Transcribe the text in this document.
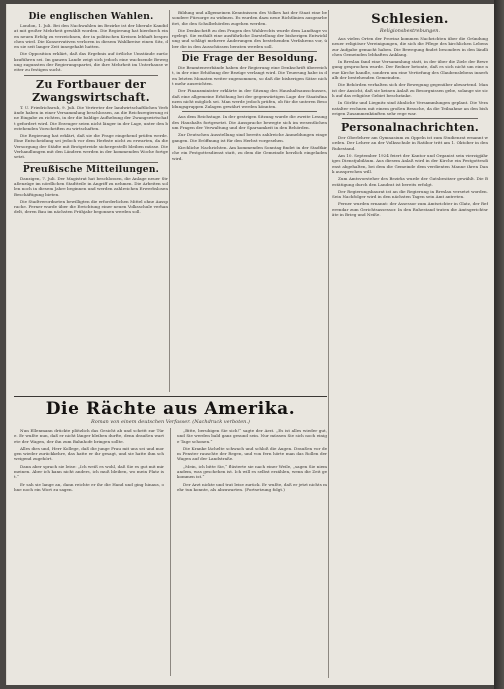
Die englischen Wahlen.

London, 1. Juli. Bei den Nachwahlen im Bezirke ist der liberale Kandidat mit großer Mehrheit gewählt worden. Die Regierung hat hierdurch einen neuen Erfolg zu verzeichnen, der in politischen Kreisen lebhaft besprochen wird. Die Konservativen verloren in diesem Wahlkreise einen Sitz, den sie seit langer Zeit innegehabt hatten.

Die Opposition erklärt, daß das Ergebnis auf örtliche Umstände zurückzuführen sei. Im ganzen Lande zeigt sich jedoch eine wachsende Bewegung zugunsten der Regierungspartei, die ihre Mehrheit im Unterhause weiter zu festigen sucht.

Zu Fortbauer der Zwangswirtschaft.

T. U. Friedrichsruh, 9. Juli. Die Vertreter der landwirtschaftlichen Verbände haben in einer Versammlung beschlossen, an die Reichsregierung eine Eingabe zu richten, in der die baldige Aufhebung der Zwangswirtschaft gefordert wird. Die Erzeuger seien nicht länger in der Lage, unter den bestehenden Vorschriften zu wirtschaften.

Die Regierung hat erklärt, daß sie die Frage eingehend prüfen werde. Eine Entscheidung sei jedoch vor dem Herbste nicht zu erwarten, da die Versorgung der Städte mit Brotgetreide sichergestellt bleiben müsse. Die Verhandlungen mit den Ländern werden in der kommenden Woche fortgesetzt.

Preußische Mitteilungen.

Danzigen, 7. Juli. Der Magistrat hat beschlossen, die Anlage neuer Straßenzüge im nördlichen Stadtteile in Angriff zu nehmen. Die Arbeiten sollen noch in diesem Jahre beginnen und werden zahlreichen Erwerbslosen Beschäftigung bieten.

Die Stadtverordneten bewilligten die erforderlichen Mittel ohne Aussprache. Ferner wurde über die Errichtung einer neuen Volksschule verhandelt, deren Bau im nächsten Frühjahr begonnen werden soll.

Bildung und allgemeinen Kenntnissen des Volkes hat der Staat eine besondere Fürsorge zu widmen. Es wurden dazu neue Richtlinien ausgearbeitet, die den Schulbehörden zugehen werden.

Die Denkschrift zu den Fragen des Wahlrechts wurde dem Landtage vorgelegt. Sie enthält eine ausführliche Darstellung der bisherigen Entwicklung und schlägt mehrere Änderungen des bestehenden Verfahrens vor, über die in den Ausschüssen beraten werden soll.

Die Frage der Besoldung.

Die Beamtenverbände haben der Regierung eine Denkschrift überreicht, in der eine Erhöhung der Bezüge verlangt wird. Die Teuerung habe in den letzten Monaten weiter zugenommen, so daß die bisherigen Sätze nicht mehr ausreichten.

Der Finanzminister erklärte in der Sitzung des Haushaltsausschusses, daß eine allgemeine Erhöhung bei der gegenwärtigen Lage der Staatsfinanzen nicht möglich sei. Man werde jedoch prüfen, ob für die unteren Besoldungsgruppen Zulagen gewährt werden könnten.

Aus dem Reichstage. In der gestrigen Sitzung wurde die zweite Lesung des Haushalts fortgesetzt. Die Aussprache bewegte sich im wesentlichen um Fragen der Verwaltung und der Sparsamkeit in den Behörden.

Zur Deutschen Ausstellung sind bereits zahlreiche Anmeldungen eingegangen. Die Eröffnung ist für den Herbst vorgesehen.

Kirchliche Nachrichten. Am kommenden Sonntag findet in der Stadtkirche ein Festgottesdienst statt, zu dem die Gemeinde herzlich eingeladen wird.

Schlesien.
Religionsbestrebungen.

Aus vielen Orten der Provinz kommen Nachrichten über die Gründung neuer religiöser Vereinigungen, die sich die Pflege des kirchlichen Lebens zur Aufgabe gemacht haben. Die Bewegung findet besonders in den ländlichen Gemeinden lebhaften Anklang.

In Breslau fand eine Versammlung statt, in der über die Ziele der Bewegung gesprochen wurde. Der Redner betonte, daß es sich nicht um eine neue Kirche handle, sondern um eine Vertiefung des Glaubenslebens innerhalb der bestehenden Gemeinden.

Die Behörden verhalten sich der Bewegung gegenüber abwartend. Man ist der Ansicht, daß sie keinen Anlaß zu Besorgnissen gebe, solange sie sich auf das religiöse Gebiet beschränke.

In Görlitz und Liegnitz sind ähnliche Versammlungen geplant. Die Veranstalter rechnen mit einem großen Besuche, da die Teilnahme an den bisherigen Zusammenkünften sehr rege war.

Personalnachrichten.

Der Oberlehrer am Gymnasium zu Oppeln ist zum Studienrat ernannt worden. Der Lehrer an der Volksschule in Ratibor tritt am 1. Oktober in den Ruhestand.

Am 10. September 1924 feiert der Kantor und Organist sein vierzigjähriges Dienstjubiläum. Aus diesem Anlaß wird in der Kirche ein Festgottesdienst abgehalten, bei dem die Gemeinde dem verdienten Manne ihren Dank aussprechen will.

Zum Amtsvorsteher des Bezirks wurde der Gutsbesitzer gewählt. Die Bestätigung durch den Landrat ist bereits erfolgt.

Der Regierungsbaurat ist an die Regierung in Breslau versetzt worden. Sein Nachfolger wird in den nächsten Tagen sein Amt antreten.

Ferner wurden ernannt: der Assessor zum Amtsrichter in Glatz, der Referendar zum Gerichtsassessor. In den Ruhestand traten die Amtsgerichtsräte in Brieg und Neiße.

Die Rächte aus Amerika.
Roman von einem deutschen Verfasser. (Nachdruck verboten.)

Nun Ellenmann drückte plötzlich das Gesicht ab und schritt zur Türe. Er wußte nun, daß er nicht länger bleiben durfte, denn draußen wartete der Wagen, der ihn zum Bahnhofe bringen sollte.

Alles dies und, Herr Kollege, daß die junge Frau mit uns sei und morgen wieder zurückkehre, das hatte er ihr gesagt, und sie hatte ihm schweigend zugehört.

Dann aber sprach sie leise: „Ich weiß es wohl, daß Sie es gut mit mir meinen. Aber ich kann nicht anders, ich muß bleiben, wo mein Platz ist.“

Er sah sie lange an, dann reichte er ihr die Hand und ging hinaus, ohne noch ein Wort zu sagen.

„Bitte, beruhigen Sie sich!“ sagte der Arzt. „Es ist alles wieder gut, und Sie werden bald ganz gesund sein. Nur müssen Sie sich noch einige Tage schonen.“

Die Kranke lächelte schwach und schloß die Augen. Draußen vor dem Fenster rauschte der Regen, und von fern hörte man das Rollen der Wagen auf der Landstraße.

„Mein, ich bitte Sie,“ flüsterte sie nach einer Weile, „sagen Sie niemandem, was geschehen ist. Ich will es selbst erzählen, wenn die Zeit gekommen ist.“

Der Arzt nickte und trat leise zurück. Er wußte, daß er jetzt nichts mehr tun konnte, als abzuwarten. (Fortsetzung folgt.)
